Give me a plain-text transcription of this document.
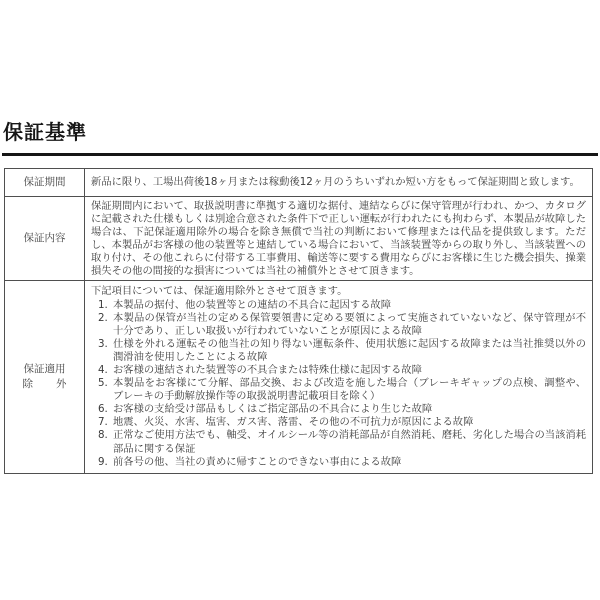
保証基準
保証期間	新品に限り、工場出荷後18ヶ月または稼動後12ヶ月のうちいずれか短い方をもって保証期間と致します。
保証内容
保証期間内において、取扱説明書に準拠する適切な据付、連結ならびに保守管理が行われ、かつ、カタログに記載された仕様もしくは別途合意された条件下で正しい運転が行われたにも拘わらず、本製品が故障した場合は、下記保証適用除外の場合を除き無償で当社の判断において修理または代品を提供致します。ただし、本製品がお客様の他の装置等と連結している場合において、当該装置等からの取り外し、当該装置への取り付け、その他これらに付帯する工事費用、輸送等に要する費用ならびにお客様に生じた機会損失、操業損失その他の間接的な損害については当社の補償外とさせて頂きます。
保証適用
除　外
下記項目については、保証適用除外とさせて頂きます。
1. 本製品の据付、他の装置等との連結の不具合に起因する故障
2. 本製品の保管が当社の定める保管要領書に定める要領によって実施されていないなど、保守管理が不十分であり、正しい取扱いが行われていないことが原因による故障
3. 仕様を外れる運転その他当社の知り得ない運転条件、使用状態に起因する故障または当社推奨以外の潤滑油を使用したことによる故障
4. お客様の連結された装置等の不具合または特殊仕様に起因する故障
5. 本製品をお客様にて分解、部品交換、および改造を施した場合（ブレーキギャップの点検、調整や、ブレーキの手動解放操作等の取扱説明書記載項目を除く）
6. お客様の支給受け部品もしくはご指定部品の不具合により生じた故障
7. 地震、火災、水害、塩害、ガス害、落雷、その他の不可抗力が原因による故障
8. 正常なご使用方法でも、軸受、オイルシール等の消耗部品が自然消耗、磨耗、劣化した場合の当該消耗部品に関する保証
9. 前各号の他、当社の責めに帰すことのできない事由による故障
